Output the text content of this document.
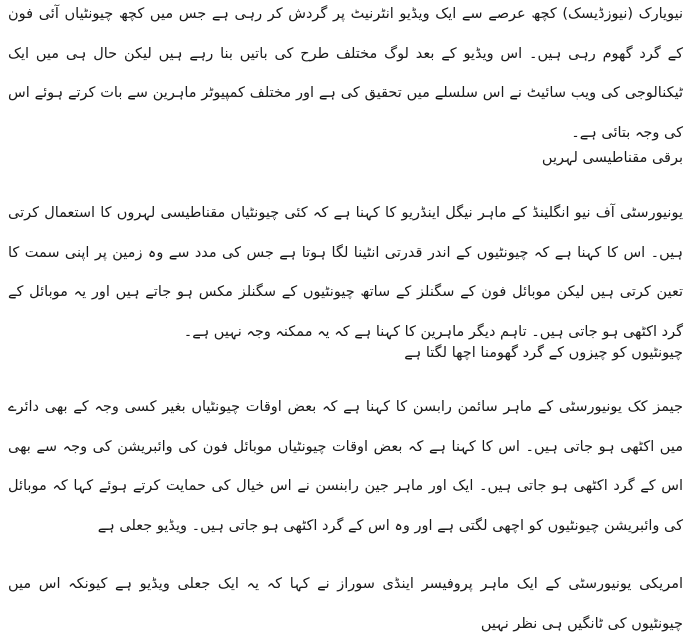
نیویارک (نیوزڈیسک) کچھ عرصے سے ایک ویڈیو انٹرنیٹ پر گردش کر رہی ہے جس میں کچھ چیونٹیاں آئی فون کے گرد گھوم رہی ہیں۔ اس ویڈیو کے بعد لوگ مختلف طرح کی باتیں بنا رہے ہیں لیکن حال ہی میں ایک ٹیکنالوجی کی ویب سائیٹ نے اس سلسلے میں تحقیق کی ہے اور مختلف کمپیوٹر ماہرین سے بات کرتے ہوئے اس کی وجہ بتائی ہے۔

برقی مقناطیسی لہریں

یونیورسٹی آف نیو انگلینڈ کے ماہر نیگل اینڈریو کا کہنا ہے کہ کئی چیونٹیاں مقناطیسی لہروں کا استعمال کرتی ہیں۔ اس کا کہنا ہے کہ چیونٹیوں کے اندر قدرتی انٹینا لگا ہوتا ہے جس کی مدد سے وہ زمین پر اپنی سمت کا تعین کرتی ہیں لیکن موبائل فون کے سگنلز کے ساتھ چیونٹیوں کے سگنلز مکس ہو جاتے ہیں اور یہ موبائل کے گرد اکٹھی ہو جاتی ہیں۔ تاہم دیگر ماہرین کا کہنا ہے کہ یہ ممکنہ وجہ نہیں ہے۔

چیونٹیوں کو چیزوں کے گرد گھومنا اچھا لگتا ہے

جیمز کک یونیورسٹی کے ماہر سائمن رابسن کا کہنا ہے کہ بعض اوقات چیونٹیاں بغیر کسی وجہ کے بھی دائرے میں اکٹھی ہو جاتی ہیں۔ اس کا کہنا ہے کہ بعض اوقات چیونٹیاں موبائل فون کی وائبریشن کی وجہ سے بھی اس کے گرد اکٹھی ہو جاتی ہیں۔ ایک اور ماہر جین رابنسن نے اس خیال کی حمایت کرتے ہوئے کہا کہ موبائل کی وائبریشن چیونٹیوں کو اچھی لگتی ہے اور وہ اس کے گرد اکٹھی ہو جاتی ہیں۔ ویڈیو جعلی ہے

امریکی یونیورسٹی کے ایک ماہر پروفیسر اینڈی سوراز نے کہا کہ یہ ایک جعلی ویڈیو ہے کیونکہ اس میں چیونٹیوں کی ٹانگیں ہی نظر نہیں
